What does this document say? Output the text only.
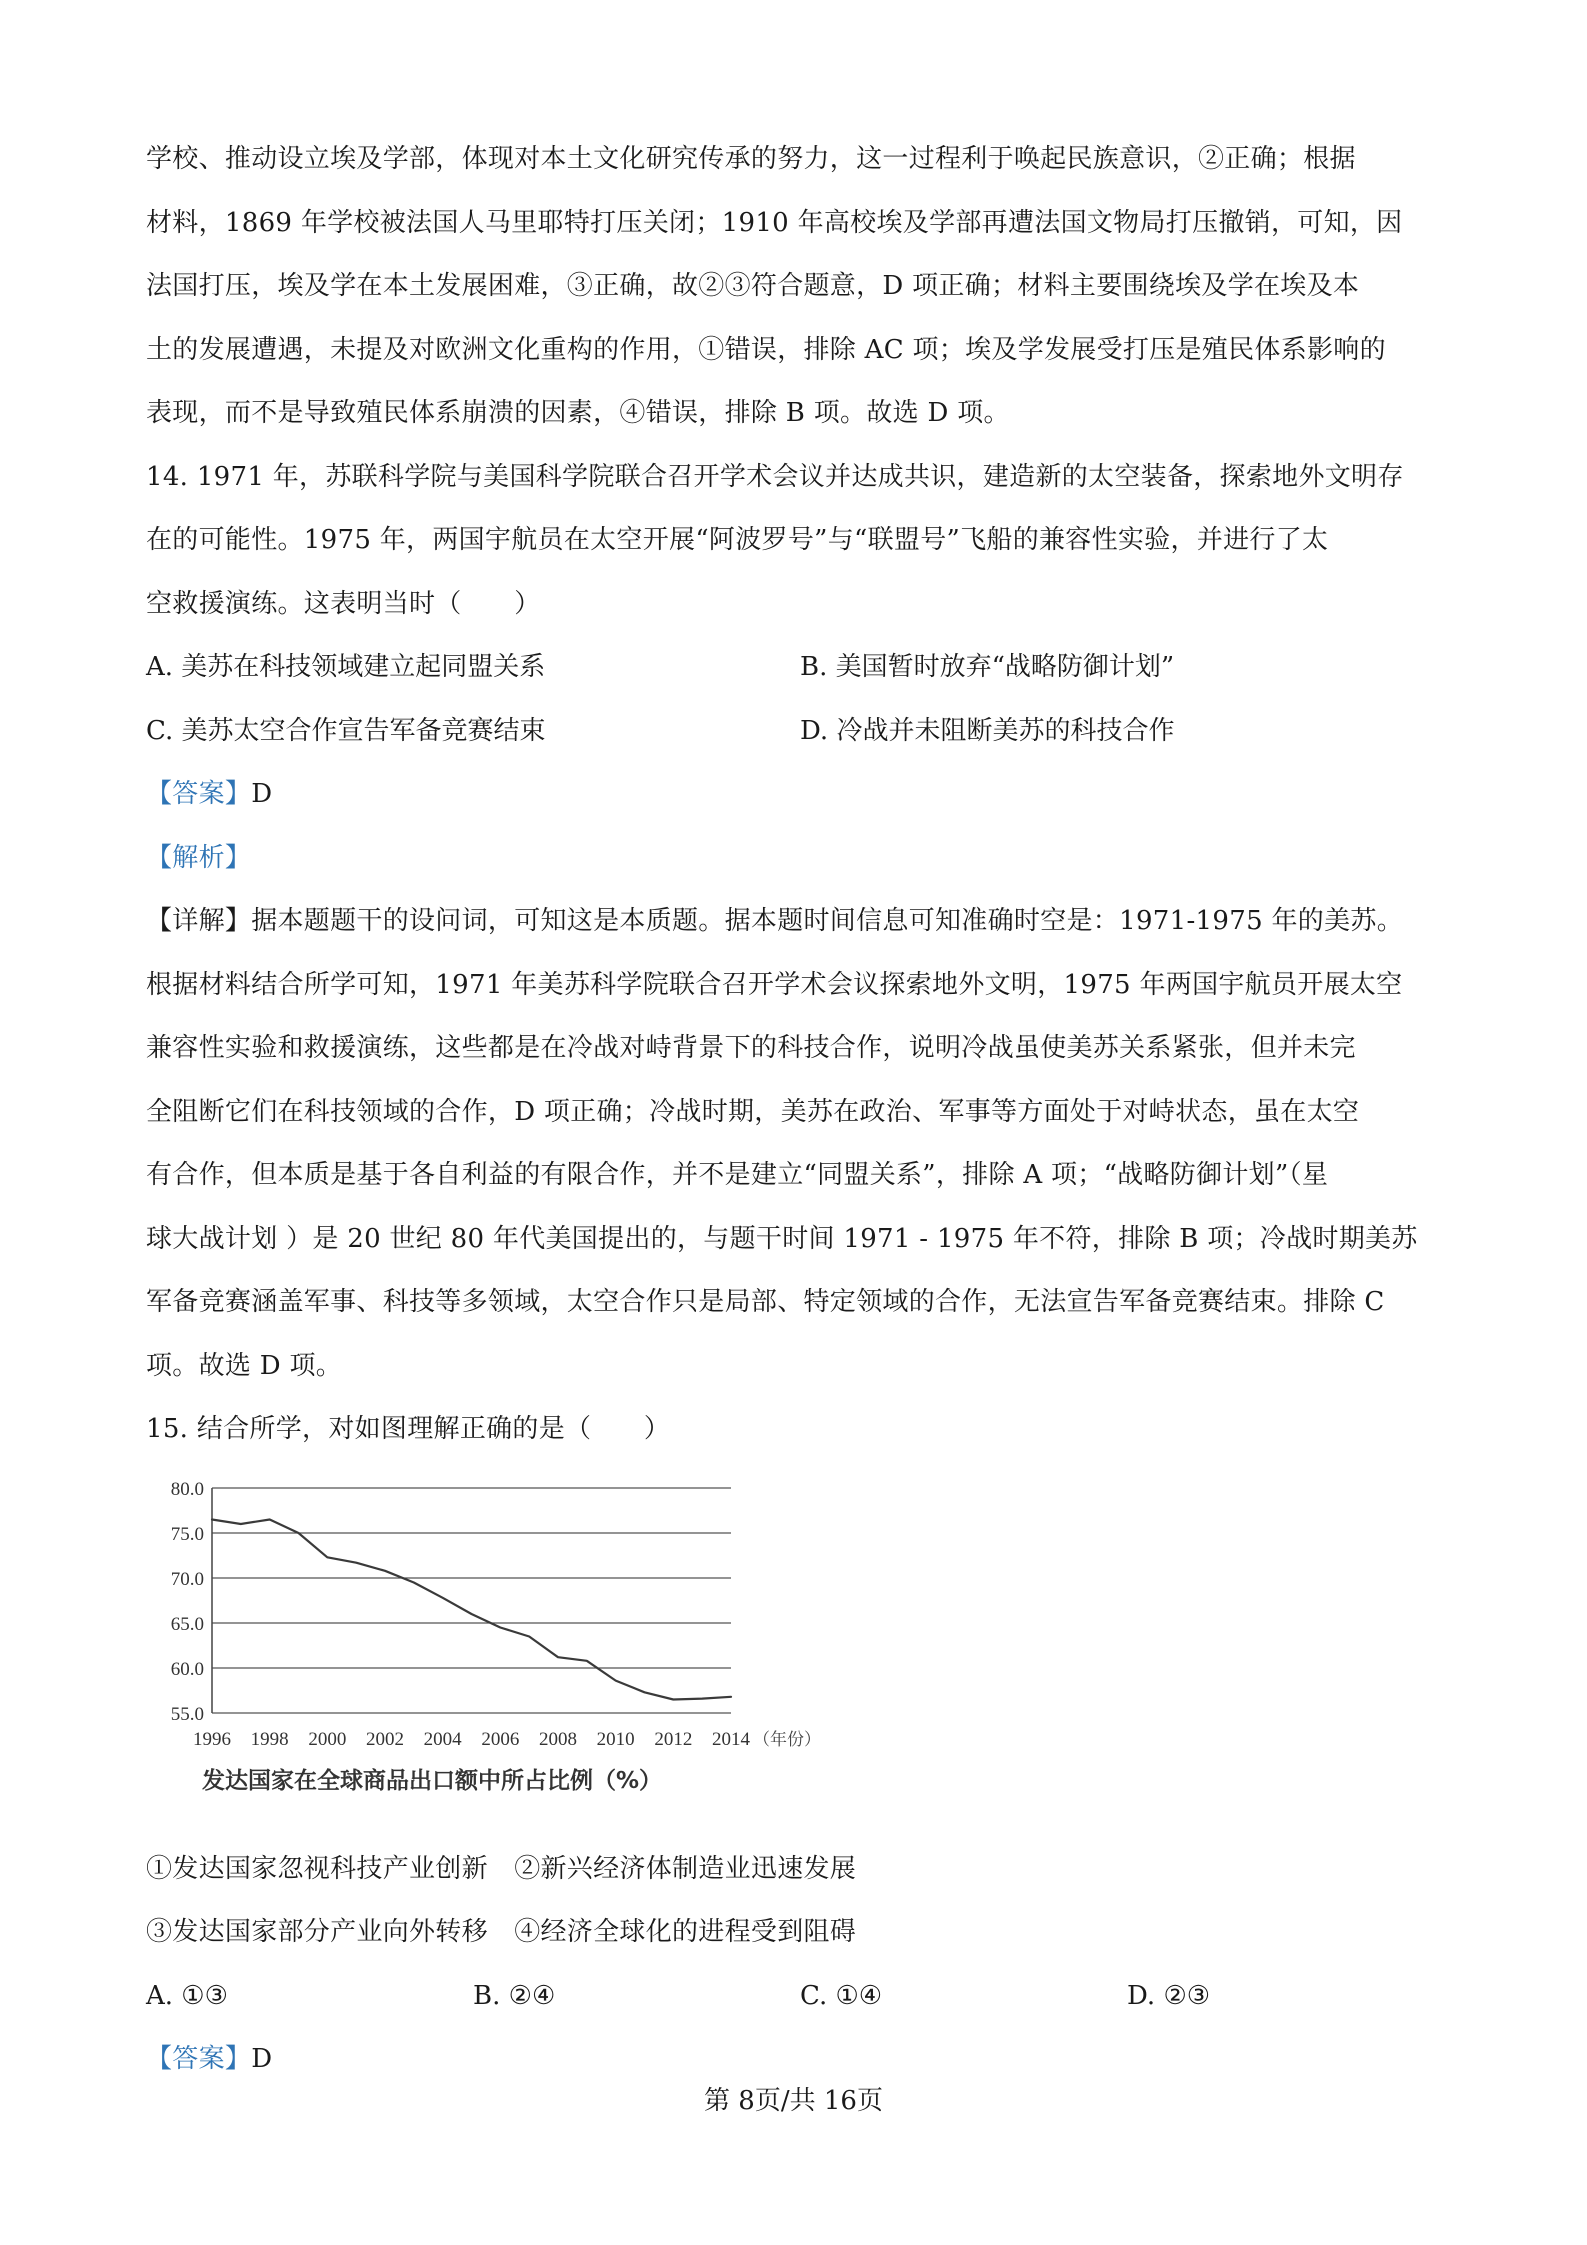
学校、推动设立埃及学部，体现对本土文化研究传承的努力，这一过程利于唤起民族意识，②正确；根据

材料，1869 年学校被法国人马里耶特打压关闭；1910 年高校埃及学部再遭法国文物局打压撤销，可知，因

法国打压，埃及学在本土发展困难，③正确，故②③符合题意，D 项正确；材料主要围绕埃及学在埃及本

土的发展遭遇，未提及对欧洲文化重构的作用，①错误，排除 AC 项；埃及学发展受打压是殖民体系影响的

表现，而不是导致殖民体系崩溃的因素，④错误，排除 B 项。故选 D 项。

14. 1971 年，苏联科学院与美国科学院联合召开学术会议并达成共识，建造新的太空装备，探索地外文明存

在的可能性。1975 年，两国宇航员在太空开展“阿波罗号”与“联盟号”飞船的兼容性实验，并进行了太

空救援演练。这表明当时（　　）

A. 美苏在科技领域建立起同盟关系	B. 美国暂时放弃“战略防御计划”
C. 美苏太空合作宣告军备竞赛结束	D. 冷战并未阻断美苏的科技合作

【答案】D

【解析】

【详解】据本题题干的设问词，可知这是本质题。据本题时间信息可知准确时空是：1971-1975 年的美苏。

根据材料结合所学可知，1971 年美苏科学院联合召开学术会议探索地外文明，1975 年两国宇航员开展太空

兼容性实验和救援演练，这些都是在冷战对峙背景下的科技合作，说明冷战虽使美苏关系紧张，但并未完

全阻断它们在科技领域的合作，D 项正确；冷战时期，美苏在政治、军事等方面处于对峙状态，虽在太空

有合作，但本质是基于各自利益的有限合作，并不是建立“同盟关系”，排除 A 项；“战略防御计划”（星

球大战计划 ）是 20 世纪 80 年代美国提出的，与题干时间 1971 - 1975 年不符，排除 B 项；冷战时期美苏

军备竞赛涵盖军事、科技等多领域，太空合作只是局部、特定领域的合作，无法宣告军备竞赛结束。排除 C

项。故选 D 项。

15. 结合所学，对如图理解正确的是（　　）

80.0
75.0
70.0
65.0
60.0
55.0
1996 1998 2000 2002 2004 2006 2008 2010 2012 2014 （年份）
发达国家在全球商品出口额中所占比例（%）

①发达国家忽视科技产业创新　②新兴经济体制造业迅速发展

③发达国家部分产业向外转移　④经济全球化的进程受到阻碍

A. ①③	B. ②④	C. ①④	D. ②③

【答案】D

第 8页/共 16页
